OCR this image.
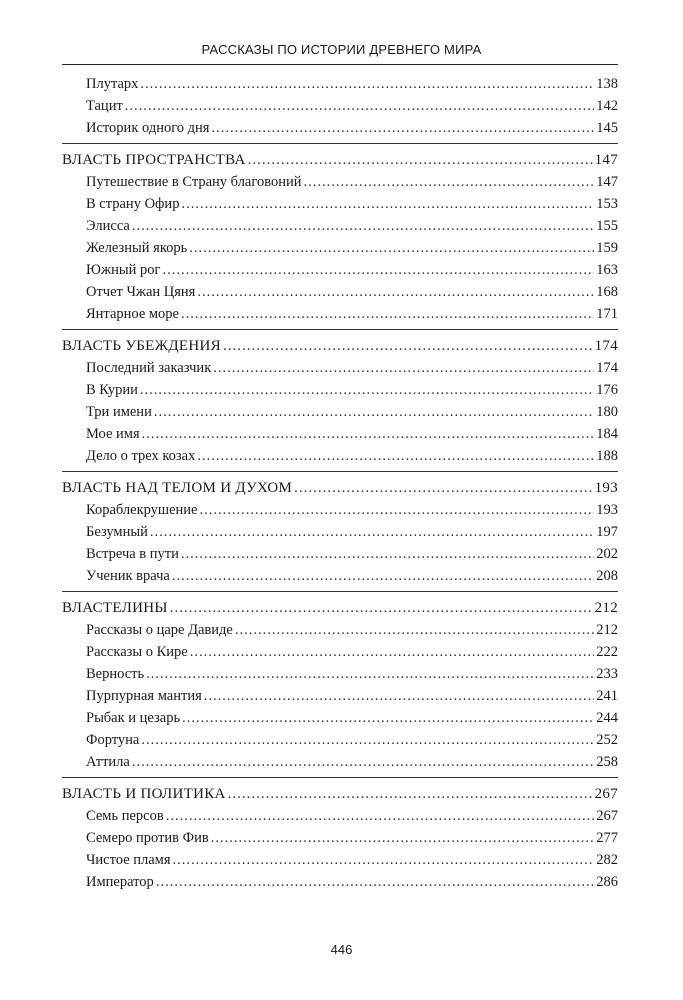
РАССКАЗЫ ПО ИСТОРИИ ДРЕВНЕГО МИРА
Плутарх .....	138
Тацит .....	142
Историк одного дня .....	145
ВЛАСТЬ ПРОСТРАНСТВА .....	147
Путешествие в Страну благовоний .....	147
В страну Офир .....	153
Элисса .....	155
Железный якорь .....	159
Южный рог .....	163
Отчет Чжан Цяня .....	168
Янтарное море .....	171
ВЛАСТЬ УБЕЖДЕНИЯ .....	174
Последний заказчик .....	174
В Курии .....	176
Три имени .....	180
Мое имя .....	184
Дело о трех козах .....	188
ВЛАСТЬ НАД ТЕЛОМ И ДУХОМ .....	193
Кораблекрушение .....	193
Безумный .....	197
Встреча в пути .....	202
Ученик врача .....	208
ВЛАСТЕЛИНЫ .....	212
Рассказы о царе Давиде .....	212
Рассказы о Кире .....	222
Верность .....	233
Пурпурная мантия .....	241
Рыбак и цезарь .....	244
Фортуна .....	252
Аттила .....	258
ВЛАСТЬ И ПОЛИТИКА .....	267
Семь персов .....	267
Семеро против Фив .....	277
Чистое пламя .....	282
Император .....	286
446
